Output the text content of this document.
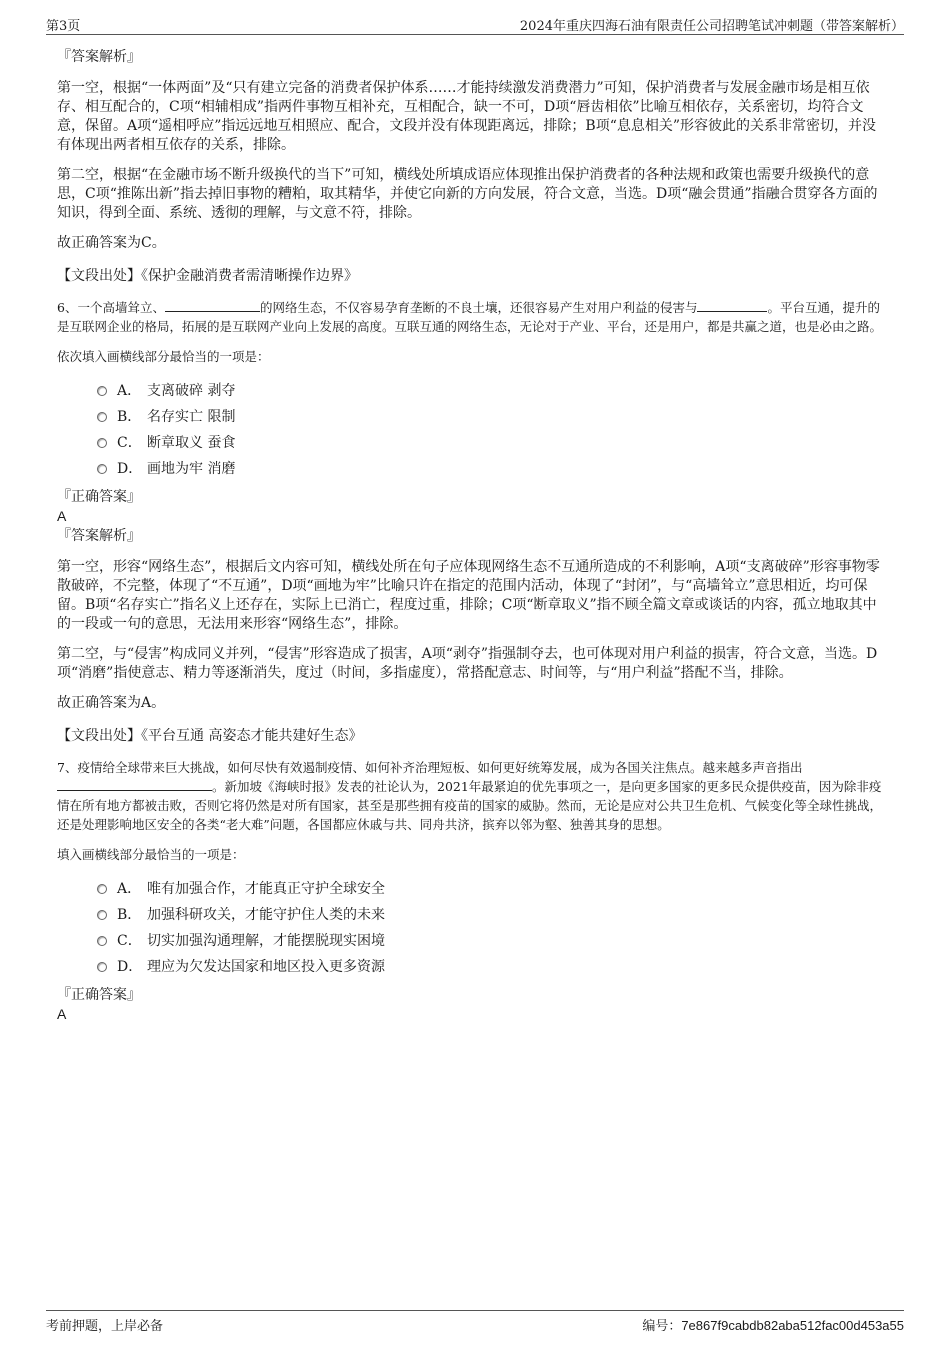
第3页	2024年重庆四海石油有限责任公司招聘笔试冲刺题（带答案解析）

『答案解析』

第一空，根据“一体两面”及“只有建立完备的消费者保护体系……才能持续激发消费潜力”可知，保护消费者与发展金融市场是相互依存、相互配合的，C项“相辅相成”指两件事物互相补充，互相配合，缺一不可，D项“唇齿相依”比喻互相依存，关系密切，均符合文意，保留。A项“遥相呼应”指远远地互相照应、配合，文段并没有体现距离远，排除；B项“息息相关”形容彼此的关系非常密切，并没有体现出两者相互依存的关系，排除。

第二空，根据“在金融市场不断升级换代的当下”可知，横线处所填成语应体现推出保护消费者的各种法规和政策也需要升级换代的意思，C项“推陈出新”指去掉旧事物的糟粕，取其精华，并使它向新的方向发展，符合文意，当选。D项“融会贯通”指融合贯穿各方面的知识，得到全面、系统、透彻的理解，与文意不符，排除。

故正确答案为C。

【文段出处】《保护金融消费者需清晰操作边界》

6、一个高墙耸立、	的网络生态，不仅容易孕育垄断的不良土壤，还很容易产生对用户利益的侵害与	。平台互通，提升的是互联网企业的格局，拓展的是互联网产业向上发展的高度。互联互通的网络生态，无论对于产业、平台，还是用户，都是共赢之道，也是必由之路。

依次填入画横线部分最恰当的一项是：

A． 支离破碎 剥夺
B． 名存实亡 限制
C． 断章取义 蚕食
D． 画地为牢 消磨

『正确答案』

A

『答案解析』

第一空，形容“网络生态”，根据后文内容可知，横线处所在句子应体现网络生态不互通所造成的不利影响，A项“支离破碎”形容事物零散破碎，不完整，体现了“不互通”，D项“画地为牢”比喻只许在指定的范围内活动，体现了“封闭”，与“高墙耸立”意思相近，均可保留。B项“名存实亡”指名义上还存在，实际上已消亡，程度过重，排除；C项“断章取义”指不顾全篇文章或谈话的内容，孤立地取其中的一段或一句的意思，无法用来形容“网络生态”，排除。

第二空，与“侵害”构成同义并列，“侵害”形容造成了损害，A项“剥夺”指强制夺去，也可体现对用户利益的损害，符合文意，当选。D项“消磨”指使意志、精力等逐渐消失，度过（时间，多指虚度），常搭配意志、时间等，与“用户利益”搭配不当，排除。

故正确答案为A。

【文段出处】《平台互通 高姿态才能共建好生态》

7、疫情给全球带来巨大挑战，如何尽快有效遏制疫情、如何补齐治理短板、如何更好统筹发展，成为各国关注焦点。越来越多声音指出。新加坡《海峡时报》发表的社论认为，2021年最紧迫的优先事项之一，是向更多国家的更多民众提供疫苗，因为除非疫情在所有地方都被击败，否则它将仍然是对所有国家，甚至是那些拥有疫苗的国家的威胁。然而，无论是应对公共卫生危机、气候变化等全球性挑战，还是处理影响地区安全的各类“老大难”问题，各国都应休戚与共、同舟共济，摈弃以邻为壑、独善其身的思想。

填入画横线部分最恰当的一项是：

A． 唯有加强合作，才能真正守护全球安全
B． 加强科研攻关，才能守护住人类的未来
C． 切实加强沟通理解，才能摆脱现实困境
D． 理应为欠发达国家和地区投入更多资源

『正确答案』

A

考前押题，上岸必备	编号：7e867f9cabdb82aba512fac00d453a55
